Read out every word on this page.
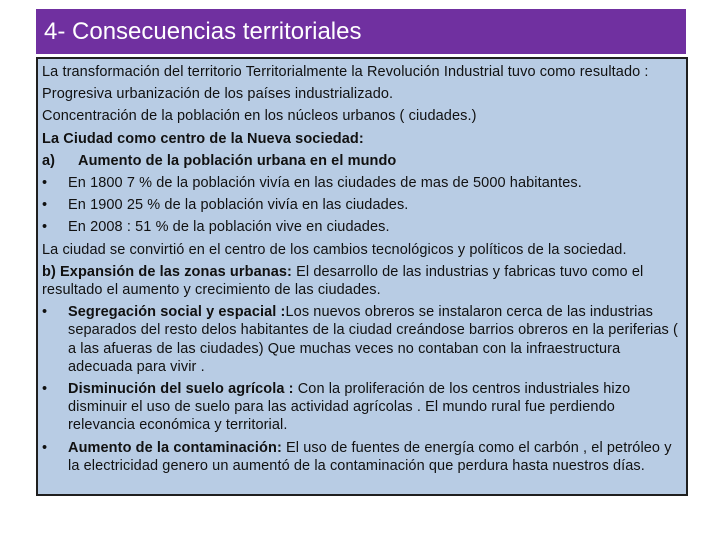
4- Consecuencias territoriales

La transformación del territorio Territorialmente la Revolución Industrial tuvo como resultado :

Progresiva urbanización de los países industrializado.

Concentración de la población en los núcleos urbanos ( ciudades.)

La Ciudad como centro de la Nueva sociedad:

a)	Aumento de la población urbana en el mundo
•	En 1800 7 % de la población vivía en las ciudades de mas de 5000 habitantes.
•	En 1900 25 % de la población vivía en las ciudades.
•	En 2008 : 51 % de la población vive en ciudades.

La ciudad se convirtió en el centro de los cambios tecnológicos y políticos de la sociedad.

b) Expansión de las zonas urbanas: El desarrollo de las industrias y fabricas tuvo como el resultado el aumento y crecimiento de las ciudades.

•	Segregación social y espacial :Los nuevos obreros se instalaron cerca de las industrias separados del resto delos habitantes de la ciudad creándose barrios obreros en la periferias ( a las afueras de las ciudades) Que muchas veces no contaban con la infraestructura adecuada para vivir .
•	Disminución del suelo agrícola : Con la proliferación de los centros industriales hizo disminuir el uso de suelo para las actividad agrícolas . El mundo rural fue perdiendo relevancia económica y territorial.
•	Aumento de la contaminación: El uso de fuentes de energía como el carbón , el petróleo y la electricidad genero un aumentó de la contaminación que perdura hasta nuestros días.
